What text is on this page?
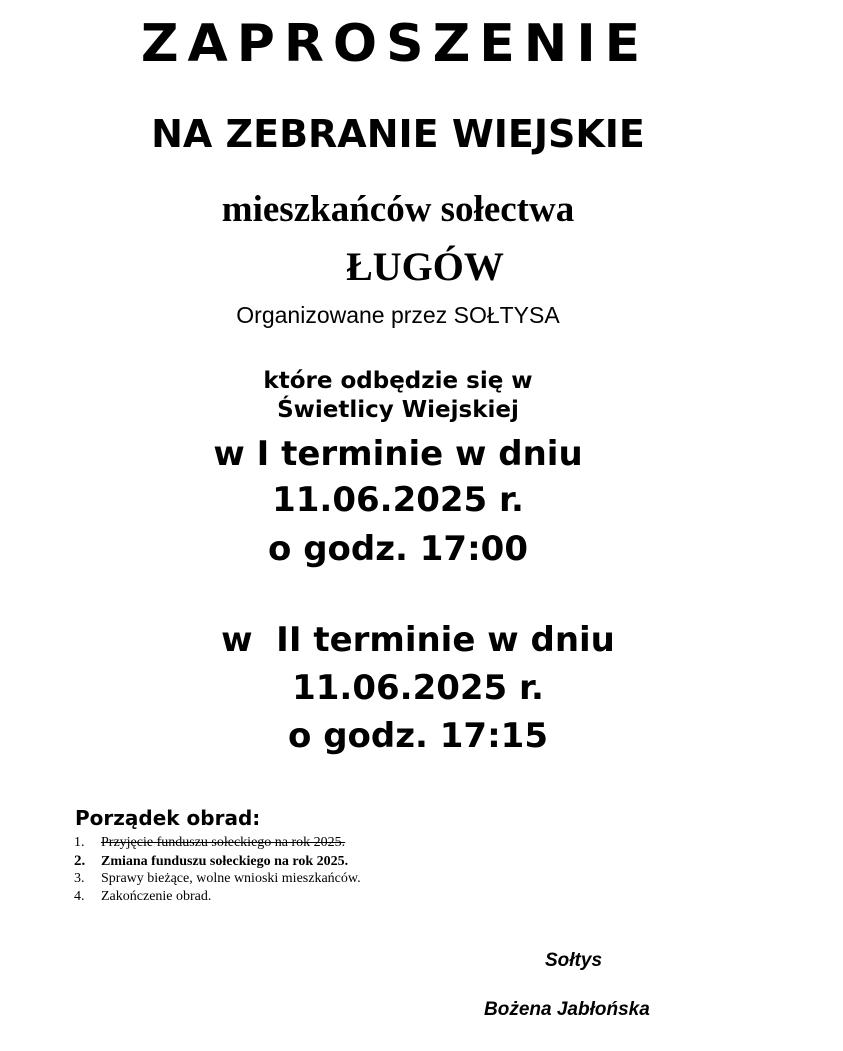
ZAPROSZENIE
NA ZEBRANIE WIEJSKIE
mieszkańców sołectwa
ŁUGÓW
Organizowane przez SOŁTYSA
które odbędzie się w
Świetlicy Wiejskiej
w I terminie w dniu
11.06.2025 r.
o godz. 17:00
w  II terminie w dniu
11.06.2025 r.
o godz. 17:15
Porządek obrad:
1. Przyjęcie funduszu sołeckiego na rok 2025.
2. Zmiana funduszu sołeckiego na rok 2025.
3. Sprawy bieżące, wolne wnioski mieszkańców.
4. Zakończenie obrad.
Sołtys
Bożena Jabłońska
